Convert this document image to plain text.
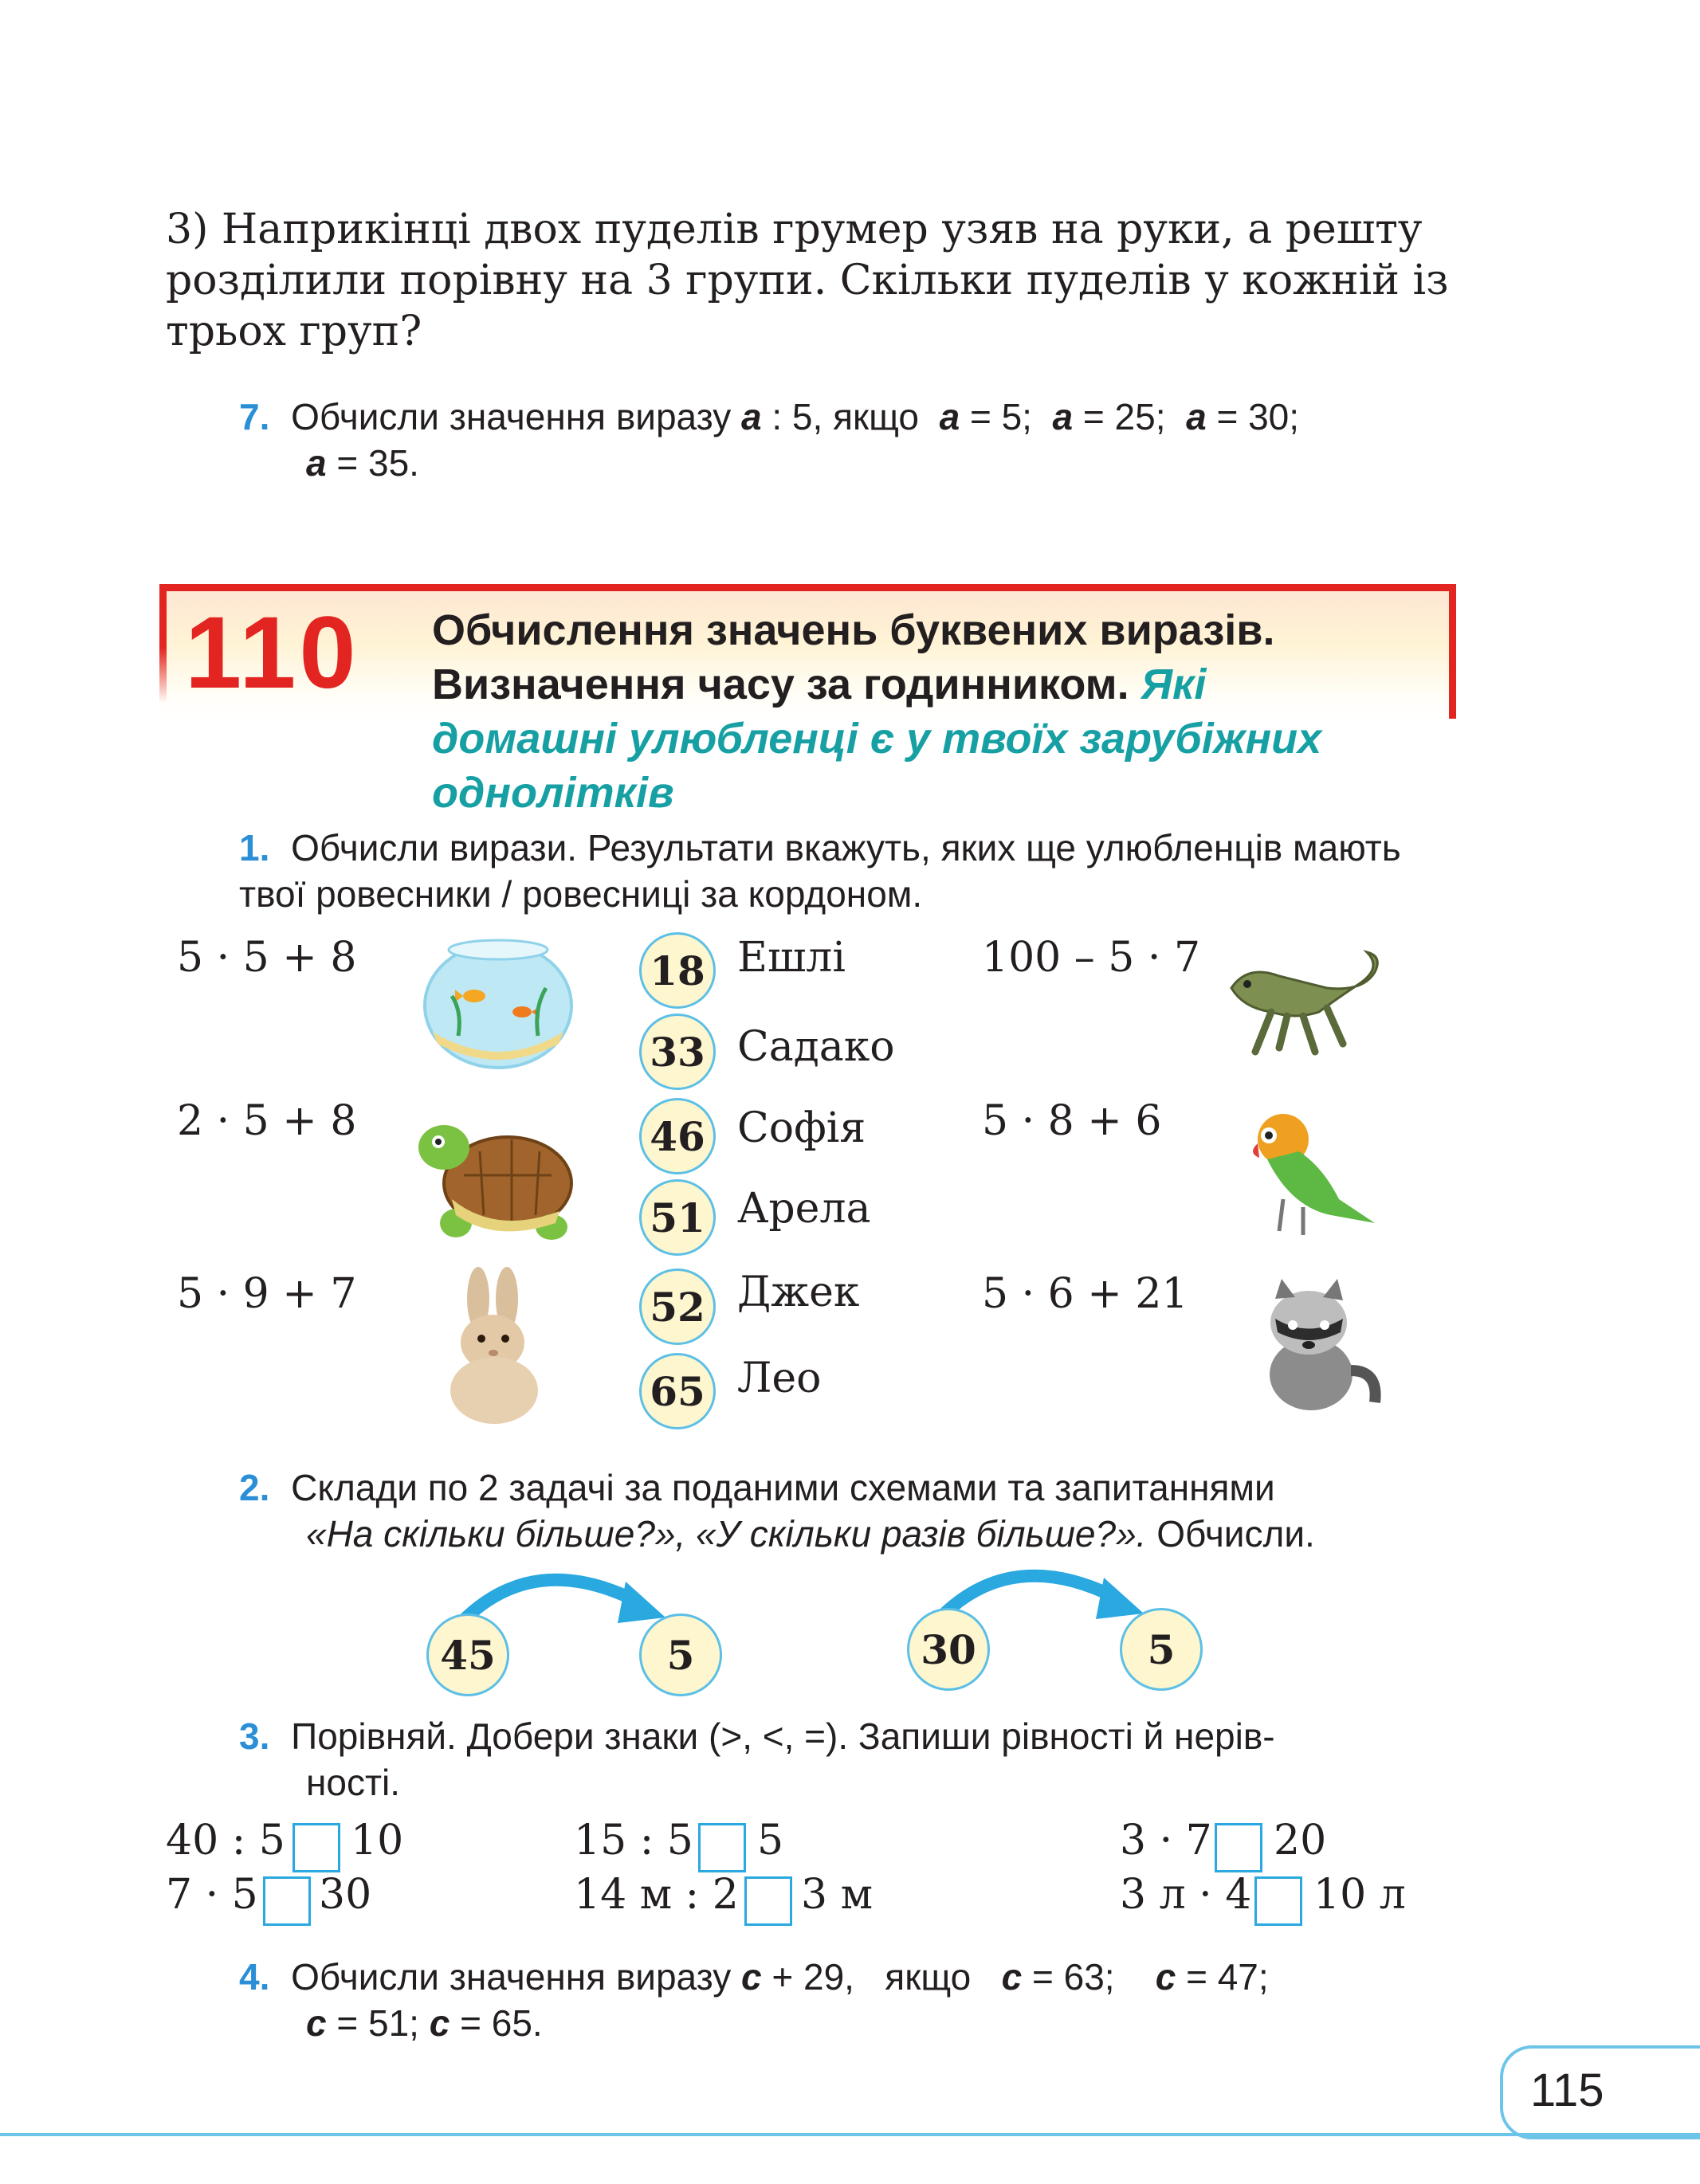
3) Наприкінці двох пуделів грумер узяв на руки, а решту розділили порівну на 3 групи. Скільки пуделів у кожній із трьох груп?
7. Обчисли значення виразу а : 5, якщо а = 5; а = 25; а = 30;
а = 35.
110 Обчислення значень буквених виразів.
Визначення часу за годинником. Які
домашні улюбленці є у твоїх зарубіжних
однолітків
1. Обчисли вирази. Результати вкажуть, яких ще улюбленців мають твої ровесники / ровесниці за кордоном.
5 · 5 + 8
2 · 5 + 8
5 · 9 + 7
100 – 5 · 7
5 · 8 + 6
5 · 6 + 21
18 Ешлі
33 Садако
46 Софія
51 Арела
52 Джек
65 Лео
2. Склади по 2 задачі за поданими схемами та запитаннями
«На скільки більше?», «У скільки разів більше?». Обчисли.
45	5	30	5
3. Порівняй. Добери знаки (>, <, =). Запиши рівності й нерів-
ності.
40 : 5 10	15 : 5 5	3 · 7 20
7 · 5 30	14 м : 2 3 м	3 л · 4 10 л
4. Обчисли значення виразу с + 29, якщо с = 63; с = 47;
с = 51; с = 65.
115
